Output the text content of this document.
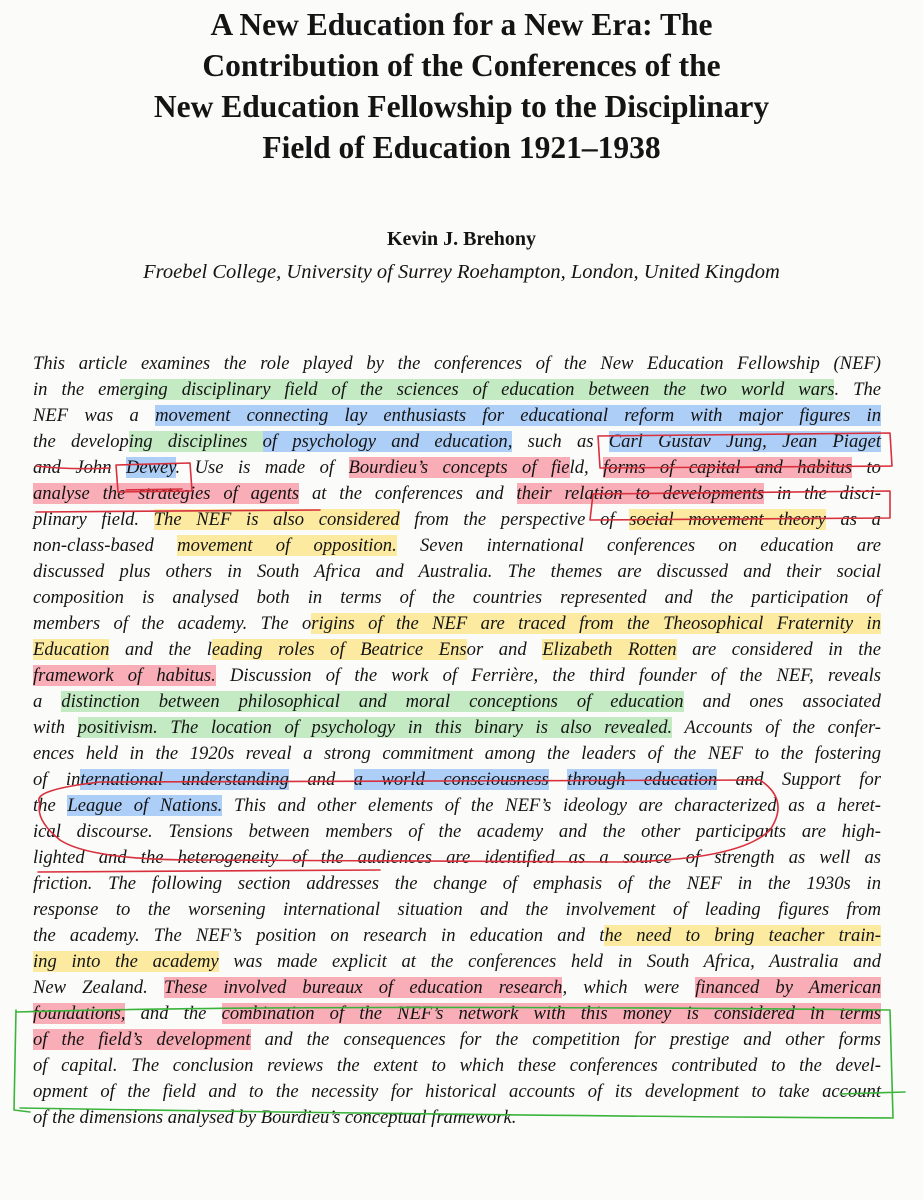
A New Education for a New Era: The
Contribution of the Conferences of the
New Education Fellowship to the Disciplinary
Field of Education 1921–1938
Kevin J. Brehony
Froebel College, University of Surrey Roehampton, London, United Kingdom
This article examines the role played by the conferences of the New Education Fellowship (NEF)
in the emerging disciplinary field of the sciences of education between the two world wars. The
NEF was a movement connecting lay enthusiasts for educational reform with major figures in
the developing disciplines of psychology and education, such as Carl Gustav Jung, Jean Piaget
and John Dewey. Use is made of Bourdieu’s concepts of field, forms of capital and habitus to
analyse the strategies of agents at the conferences and their relation to developments in the disci-
plinary field. The NEF is also considered from the perspective of social movement theory as a
non-class-based movement of opposition. Seven international conferences on education are
discussed plus others in South Africa and Australia. The themes are discussed and their social
composition is analysed both in terms of the countries represented and the participation of
members of the academy. The origins of the NEF are traced from the Theosophical Fraternity in
Education and the leading roles of Beatrice Ensor and Elizabeth Rotten are considered in the
framework of habitus. Discussion of the work of Ferrière, the third founder of the NEF, reveals
a distinction between philosophical and moral conceptions of education and ones associated
with positivism. The location of psychology in this binary is also revealed. Accounts of the confer-
ences held in the 1920s reveal a strong commitment among the leaders of the NEF to the fostering
of international understanding and a world consciousness through education and Support for
the League of Nations. This and other elements of the NEF’s ideology are characterized as a heret-
ical discourse. Tensions between members of the academy and the other participants are high-
lighted and the heterogeneity of the audiences are identified as a source of strength as well as
friction. The following section addresses the change of emphasis of the NEF in the 1930s in
response to the worsening international situation and the involvement of leading figures from
the academy. The NEF’s position on research in education and the need to bring teacher train-
ing into the academy was made explicit at the conferences held in South Africa, Australia and
New Zealand. These involved bureaux of education research, which were financed by American
foundations, and the combination of the NEF’s network with this money is considered in terms
of the field’s development and the consequences for the competition for prestige and other forms
of capital. The conclusion reviews the extent to which these conferences contributed to the devel-
opment of the field and to the necessity for historical accounts of its development to take account
of the dimensions analysed by Bourdieu’s conceptual framework.
